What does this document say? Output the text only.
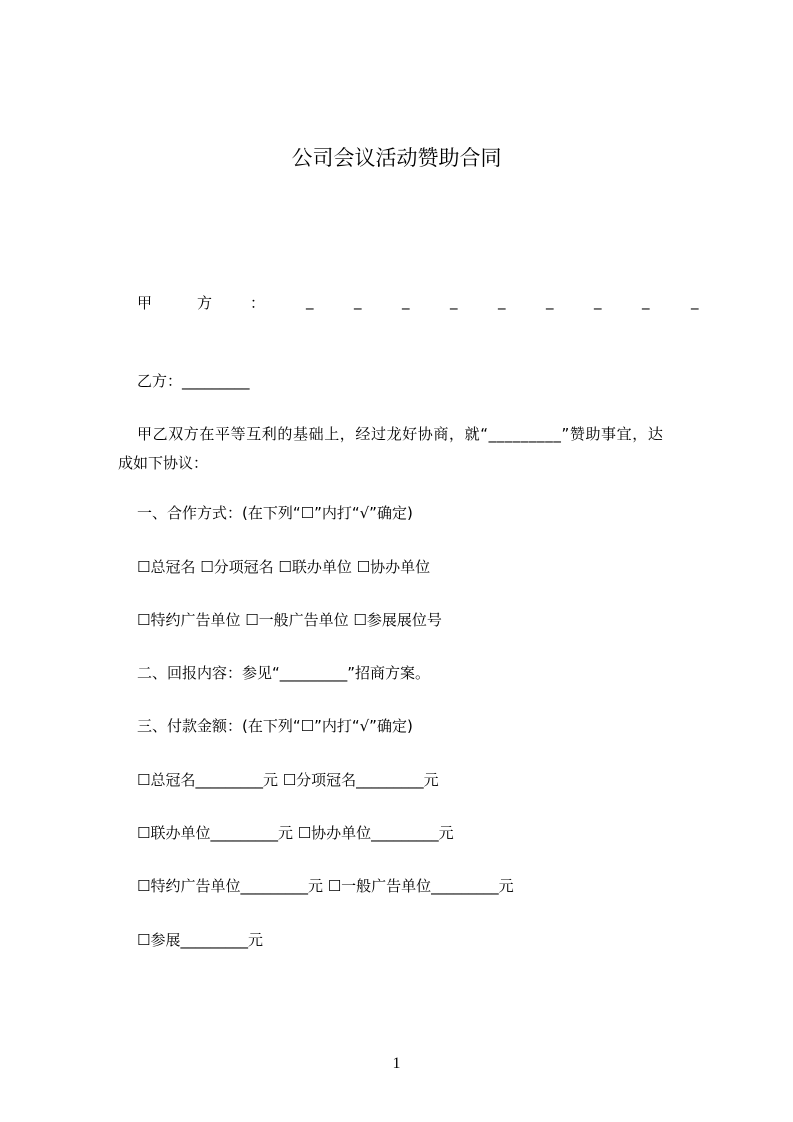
公司会议活动赞助合同
甲	方	：	_	_	_	_	_	_	_	_	_
乙方：_________
甲乙双方在平等互利的基础上，经过龙好协商，就“_________”赞助事宜，达
成如下协议：
一、合作方式：(在下列“☐”内打“√”确定)
☐总冠名 ☐分项冠名 ☐联办单位 ☐协办单位
☐特约广告单位 ☐一般广告单位 ☐参展展位号
二、回报内容：参见“_________”招商方案。
三、付款金额：(在下列“☐”内打“√”确定)
☐总冠名_________元 ☐分项冠名_________元
☐联办单位_________元 ☐协办单位_________元
☐特约广告单位_________元 ☐一般广告单位_________元
☐参展_________元
1
